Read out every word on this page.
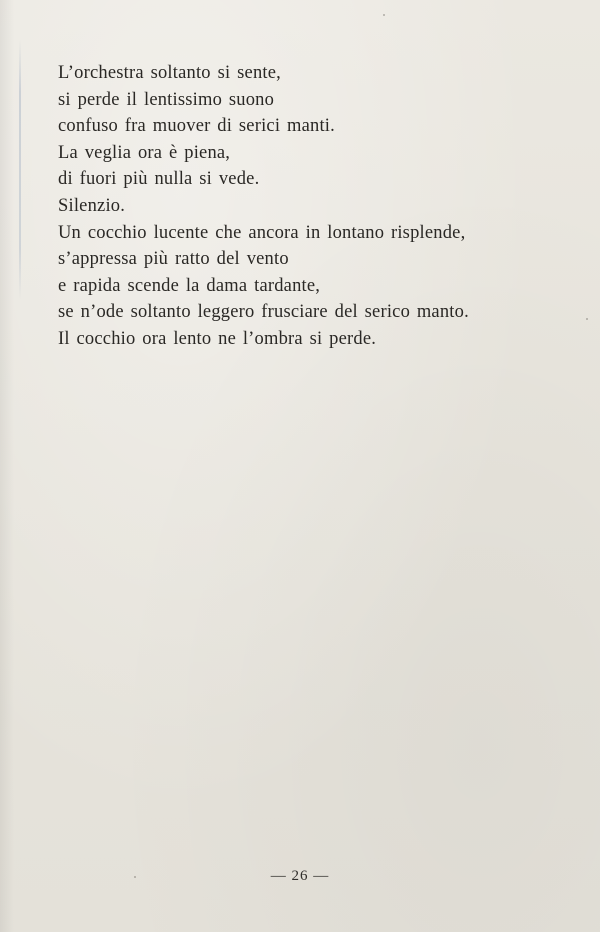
L’orchestra soltanto si sente,
si perde il lentissimo suono
confuso fra muover di serici manti.
La veglia ora è piena,
di fuori più nulla si vede.
Silenzio.
Un cocchio lucente che ancora in lontano risplende,
s’appressa più ratto del vento
e rapida scende la dama tardante,
se n’ode soltanto leggero frusciare del serico manto.
Il cocchio ora lento ne l’ombra si perde.
— 26 —
